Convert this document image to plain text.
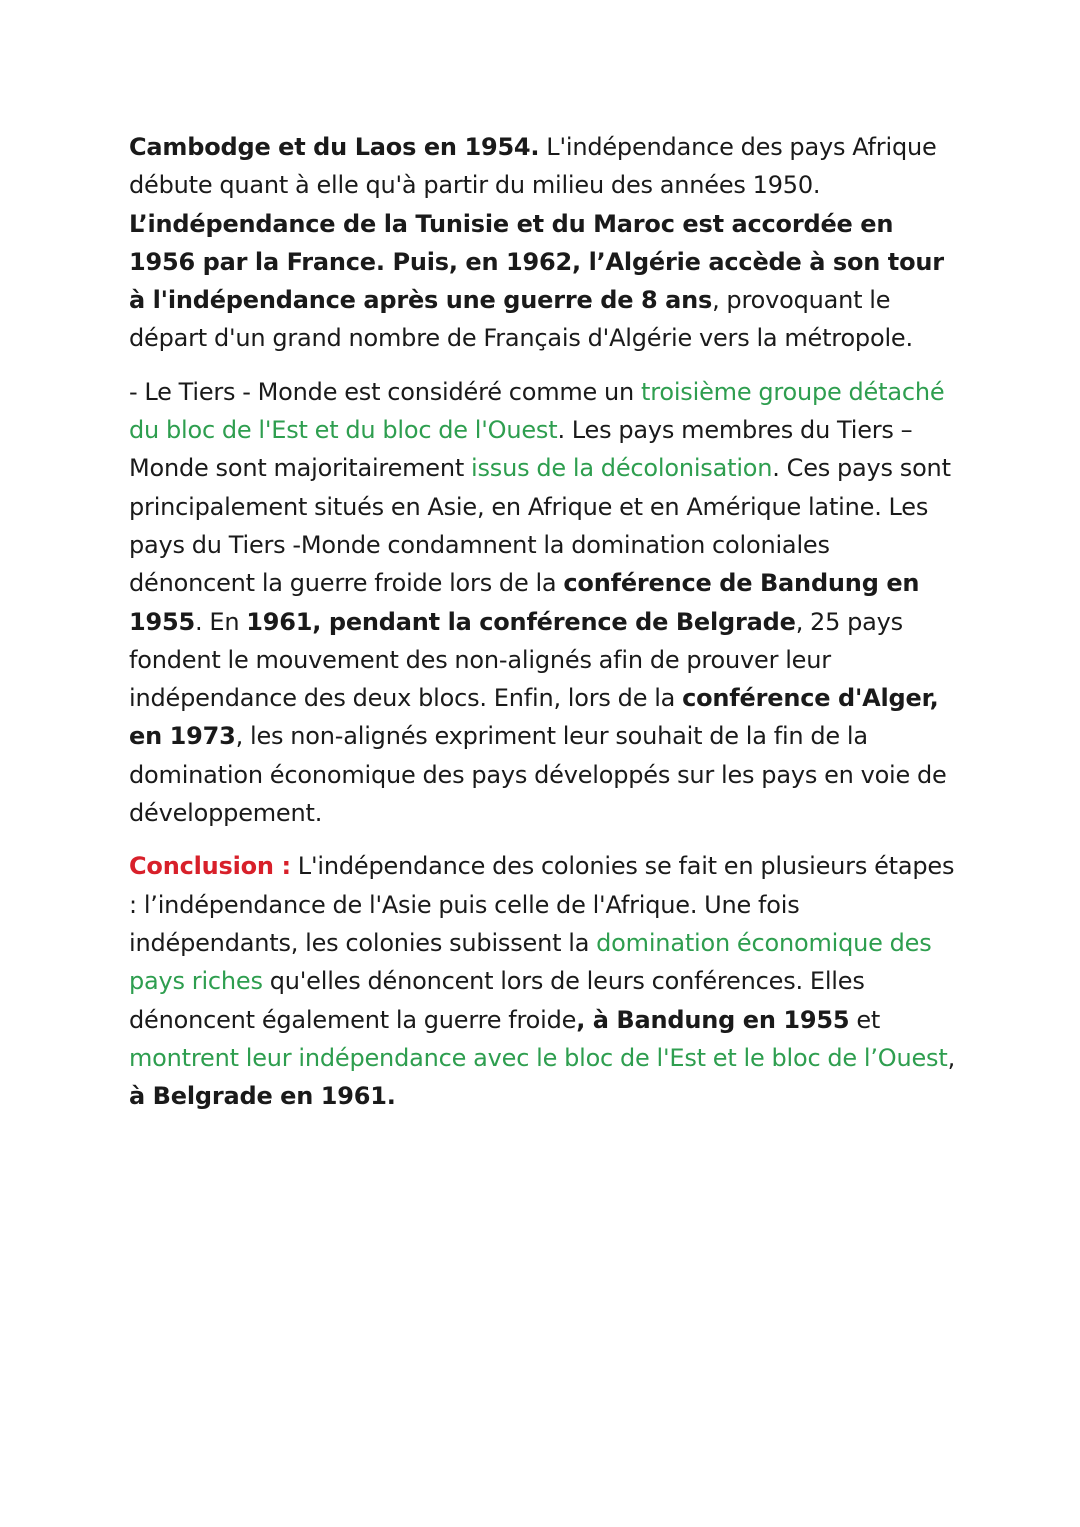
Cambodge et du Laos en 1954. L'indépendance des pays Afrique débute quant à elle qu'à partir du milieu des années 1950. L’indépendance de la Tunisie et du Maroc est accordée en 1956 par la France. Puis, en 1962, l’Algérie accède à son tour à l'indépendance après une guerre de 8 ans, provoquant le départ d'un grand nombre de Français d'Algérie vers la métropole.

- Le Tiers - Monde est considéré comme un troisième groupe détaché du bloc de l'Est et du bloc de l'Ouest. Les pays membres du Tiers – Monde sont majoritairement issus de la décolonisation. Ces pays sont principalement situés en Asie, en Afrique et en Amérique latine. Les pays du Tiers -Monde condamnent la domination coloniales dénoncent la guerre froide lors de la conférence de Bandung en 1955. En 1961, pendant la conférence de Belgrade, 25 pays fondent le mouvement des non-alignés afin de prouver leur indépendance des deux blocs. Enfin, lors de la conférence d'Alger, en 1973, les non-alignés expriment leur souhait de la fin de la domination économique des pays développés sur les pays en voie de développement.

Conclusion : L'indépendance des colonies se fait en plusieurs étapes : l’indépendance de l'Asie puis celle de l'Afrique. Une fois indépendants, les colonies subissent la domination économique des pays riches qu'elles dénoncent lors de leurs conférences. Elles dénoncent également la guerre froide, à Bandung en 1955 et montrent leur indépendance avec le bloc de l'Est et le bloc de l’Ouest, à Belgrade en 1961.
